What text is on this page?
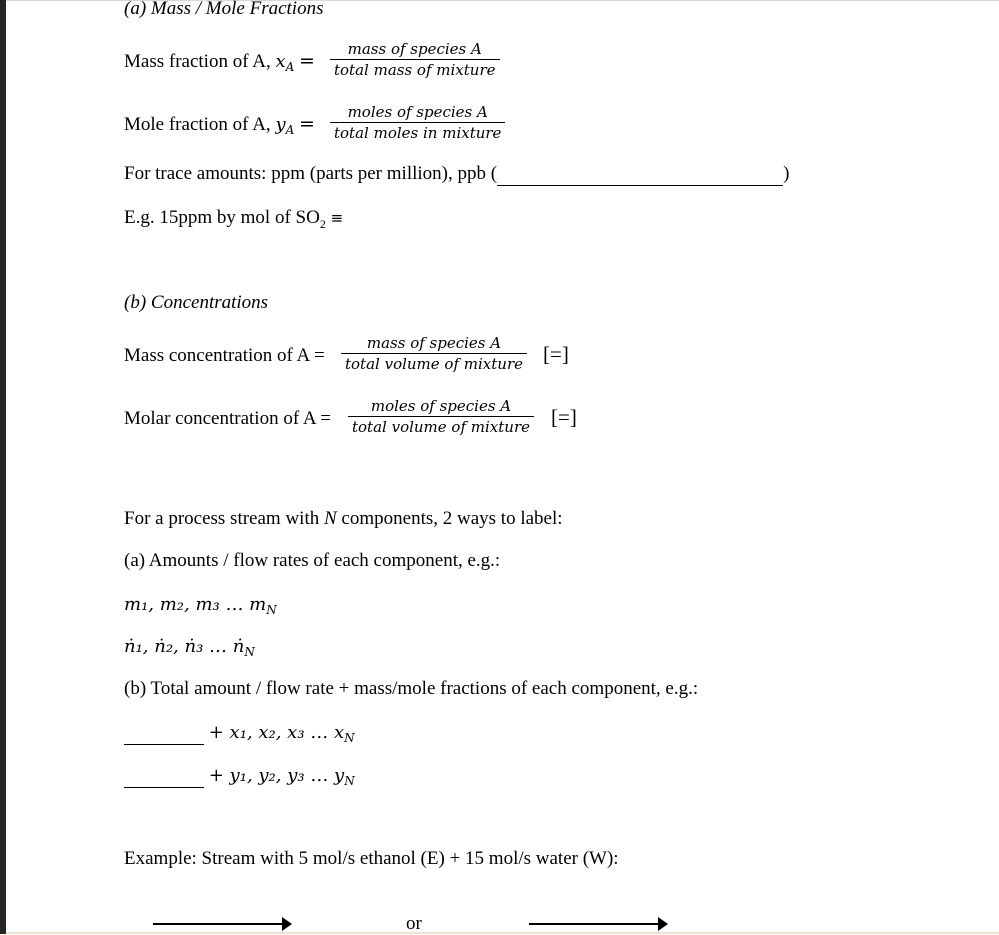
(a) Mass / Mole Fractions
Mass fraction of A, $x_A$ =
mass of species A
total mass of mixture
Mole fraction of A, $y_A$ =
moles of species A
total moles in mixture
For trace amounts: ppm (parts per million), ppb (	)
E.g. 15ppm by mol of $SO_2$ ≡
(b) Concentrations
Mass concentration of A =
mass of species A
total volume of mixture [=]
Molar concentration of A =
moles of species A
total volume of mixture [=]
For a process stream with N components, 2 ways to label:
(a) Amounts / flow rates of each component, e.g.:
m₁, m₂, m₃ … $m_N$
ṅ₁, ṅ₂, ṅ₃ … ṅ$_N$
(b) Total amount / flow rate + mass/mole fractions of each component, e.g.:
+ x₁, x₂, x₃ … $x_N$
+ y₁, y₂, y₃ … $y_N$
Example: Stream with 5 mol/s ethanol (E) + 15 mol/s water (W):
or
